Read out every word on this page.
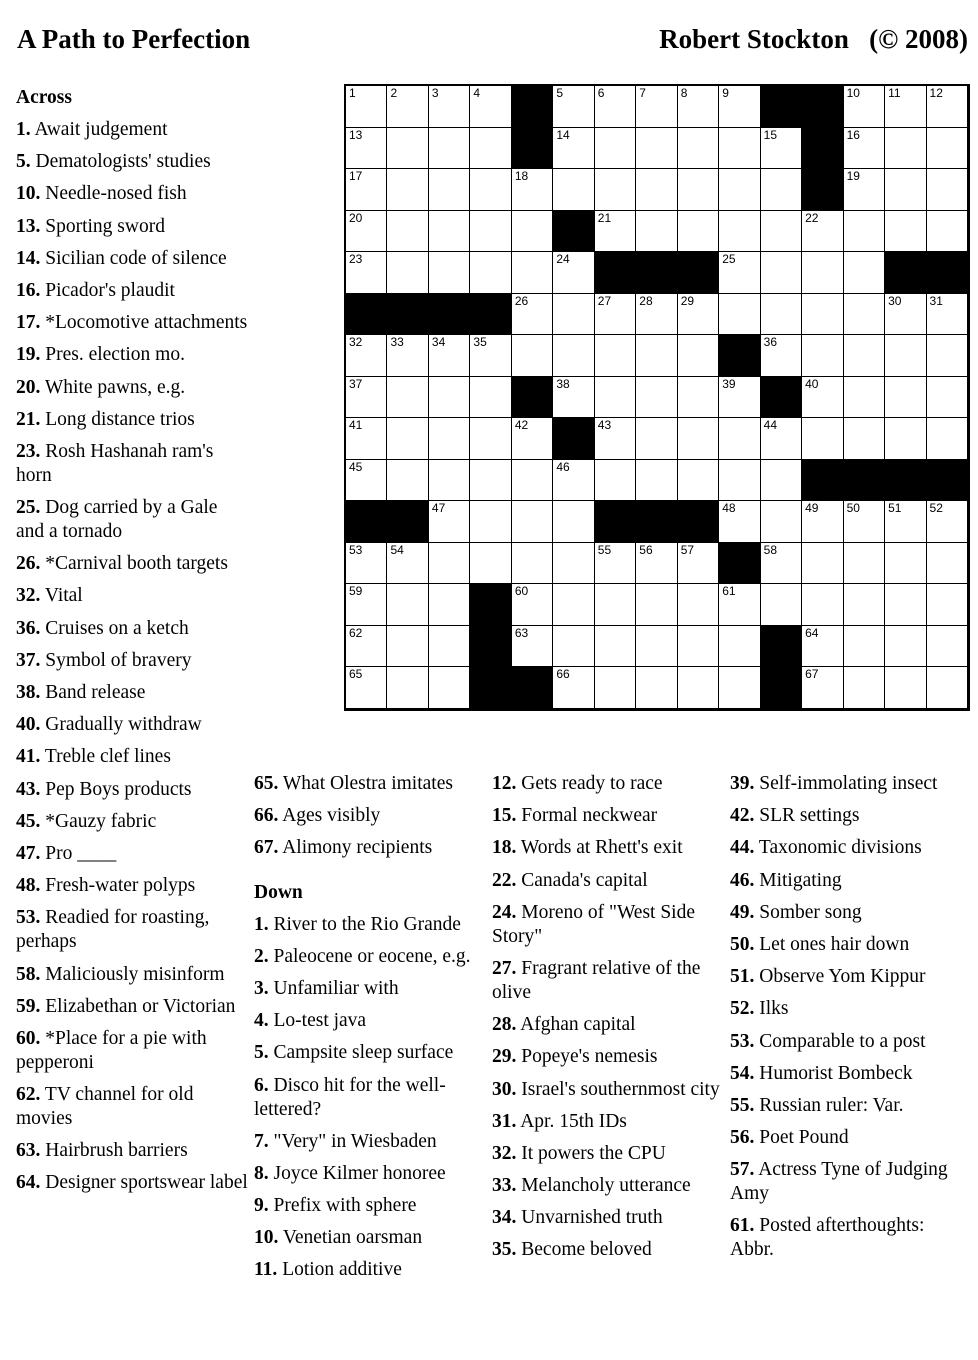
A Path to Perfection	Robert Stockton   (© 2008)
1	2	3	4	5	6	7	8	9	10 11 12
13	14	15	16
17	18	19
20	21	22
23	24	25
26	27 28 29	30 31
32 33 34 35	36
37	38	39	40
41	42	43	44
45	46
47	48	49 50 51 52
53 54	55 56 57	58
59	60	61
62	63	64
65	66	67
Across
1. Await judgement
5. Dematologists' studies
10. Needle-nosed fish
13. Sporting sword
14. Sicilian code of silence
16. Picador's plaudit
17. *Locomotive attachments
19. Pres. election mo.
20. White pawns, e.g.
21. Long distance trios
23. Rosh Hashanah ram's horn
25. Dog carried by a Gale and a tornado
26. *Carnival booth targets
32. Vital
36. Cruises on a ketch
37. Symbol of bravery
38. Band release
40. Gradually withdraw
41. Treble clef lines
43. Pep Boys products
45. *Gauzy fabric
47. Pro ____
48. Fresh-water polyps
53. Readied for roasting, perhaps
58. Maliciously misinform
59. Elizabethan or Victorian
60. *Place for a pie with pepperoni
62. TV channel for old movies
63. Hairbrush barriers
64. Designer sportswear label
65. What Olestra imitates
66. Ages visibly
67. Alimony recipients
Down
1. River to the Rio Grande
2. Paleocene or eocene, e.g.
3. Unfamiliar with
4. Lo-test java
5. Campsite sleep surface
6. Disco hit for the well-lettered?
7. "Very" in Wiesbaden
8. Joyce Kilmer honoree
9. Prefix with sphere
10. Venetian oarsman
11. Lotion additive
12. Gets ready to race
15. Formal neckwear
18. Words at Rhett's exit
22. Canada's capital
24. Moreno of "West Side Story"
27. Fragrant relative of the olive
28. Afghan capital
29. Popeye's nemesis
30. Israel's southernmost city
31. Apr. 15th IDs
32. It powers the CPU
33. Melancholy utterance
34. Unvarnished truth
35. Become beloved
39. Self-immolating insect
42. SLR settings
44. Taxonomic divisions
46. Mitigating
49. Somber song
50. Let ones hair down
51. Observe Yom Kippur
52. Ilks
53. Comparable to a post
54. Humorist Bombeck
55. Russian ruler: Var.
56. Poet Pound
57. Actress Tyne of Judging Amy
61. Posted afterthoughts: Abbr.
